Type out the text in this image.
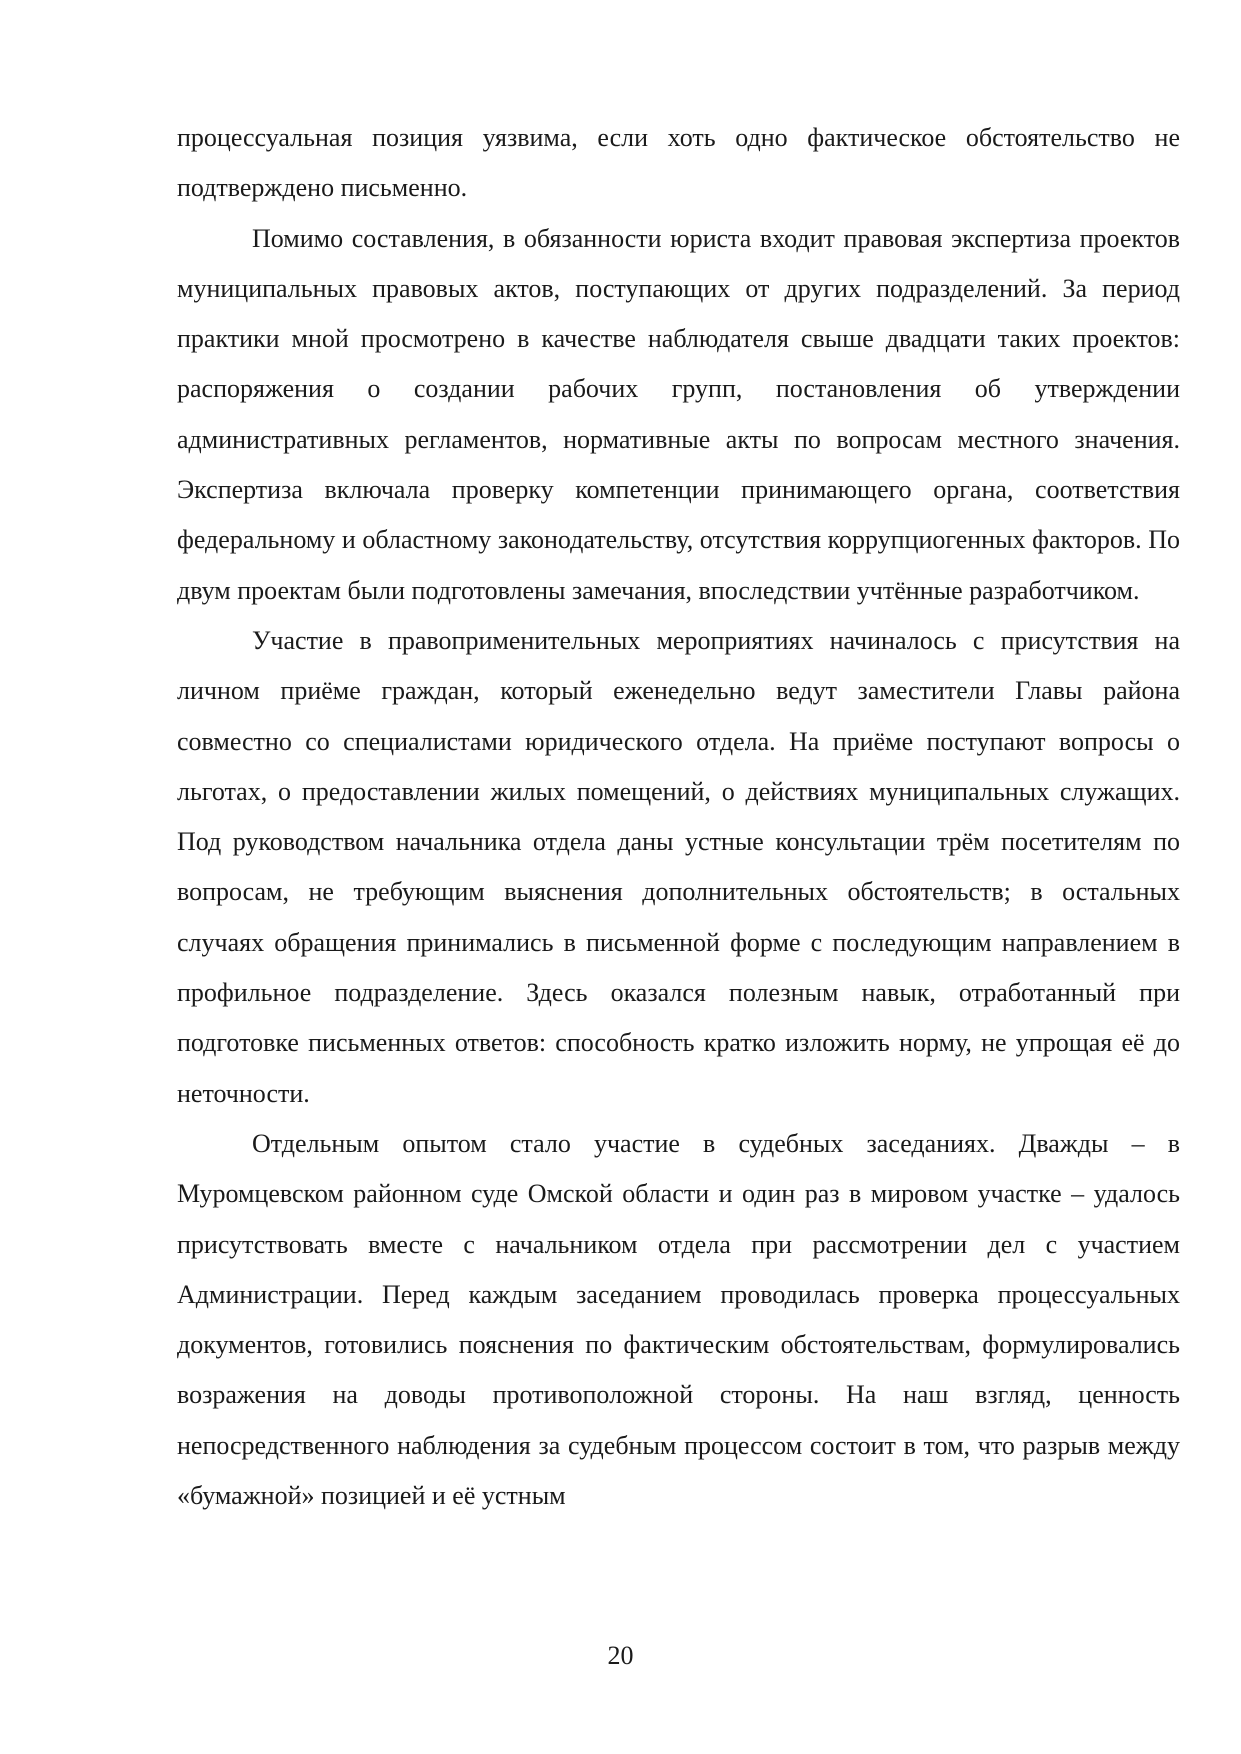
процессуальная позиция уязвима, если хоть одно фактическое обстоятельство не подтверждено письменно.

Помимо составления, в обязанности юриста входит правовая экспертиза проектов муниципальных правовых актов, поступающих от других подразделений. За период практики мной просмотрено в качестве наблюдателя свыше двадцати таких проектов: распоряжения о создании рабочих групп, постановления об утверждении административных регламентов, нормативные акты по вопросам местного значения. Экспертиза включала проверку компетенции принимающего органа, соответствия федеральному и областному законодательству, отсутствия коррупциогенных факторов. По двум проектам были подготовлены замечания, впоследствии учтённые разработчиком.

Участие в правоприменительных мероприятиях начиналось с присутствия на личном приёме граждан, который еженедельно ведут заместители Главы района совместно со специалистами юридического отдела. На приёме поступают вопросы о льготах, о предоставлении жилых помещений, о действиях муниципальных служащих. Под руководством начальника отдела даны устные консультации трём посетителям по вопросам, не требующим выяснения дополнительных обстоятельств; в остальных случаях обращения принимались в письменной форме с последующим направлением в профильное подразделение. Здесь оказался полезным навык, отработанный при подготовке письменных ответов: способность кратко изложить норму, не упрощая её до неточности.

Отдельным опытом стало участие в судебных заседаниях. Дважды – в Муромцевском районном суде Омской области и один раз в мировом участке – удалось присутствовать вместе с начальником отдела при рассмотрении дел с участием Администрации. Перед каждым заседанием проводилась проверка процессуальных документов, готовились пояснения по фактическим обстоятельствам, формулировались возражения на доводы противоположной стороны. На наш взгляд, ценность непосредственного наблюдения за судебным процессом состоит в том, что разрыв между «бумажной» позицией и её устным

20
